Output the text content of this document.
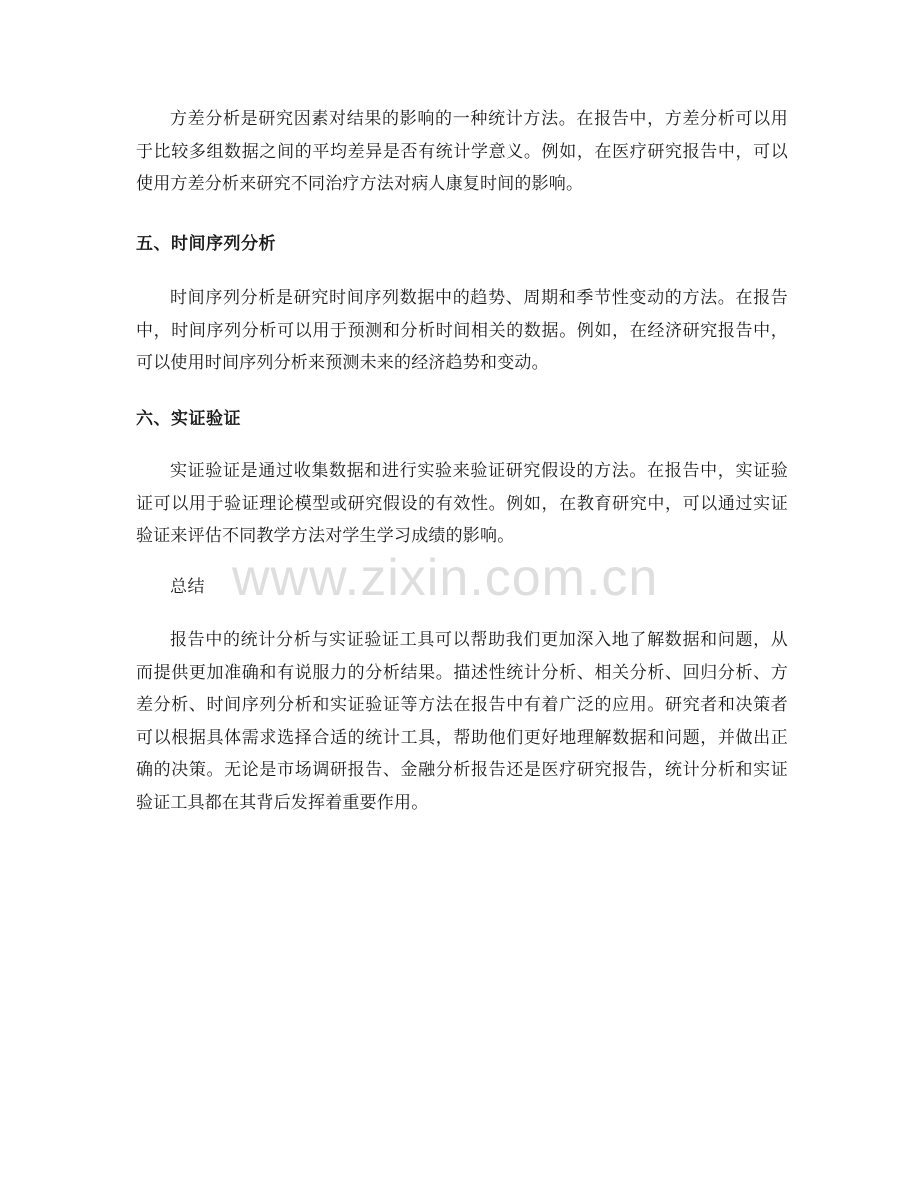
方差分析是研究因素对结果的影响的一种统计方法。在报告中，方差分析可以用于比较多组数据之间的平均差异是否有统计学意义。例如，在医疗研究报告中，可以使用方差分析来研究不同治疗方法对病人康复时间的影响。

五、时间序列分析

时间序列分析是研究时间序列数据中的趋势、周期和季节性变动的方法。在报告中，时间序列分析可以用于预测和分析时间相关的数据。例如，在经济研究报告中，可以使用时间序列分析来预测未来的经济趋势和变动。

六、实证验证

实证验证是通过收集数据和进行实验来验证研究假设的方法。在报告中，实证验证可以用于验证理论模型或研究假设的有效性。例如，在教育研究中，可以通过实证验证来评估不同教学方法对学生学习成绩的影响。

总结

报告中的统计分析与实证验证工具可以帮助我们更加深入地了解数据和问题，从而提供更加准确和有说服力的分析结果。描述性统计分析、相关分析、回归分析、方差分析、时间序列分析和实证验证等方法在报告中有着广泛的应用。研究者和决策者可以根据具体需求选择合适的统计工具，帮助他们更好地理解数据和问题，并做出正确的决策。无论是市场调研报告、金融分析报告还是医疗研究报告，统计分析和实证验证工具都在其背后发挥着重要作用。

www.zixin.com.cn
